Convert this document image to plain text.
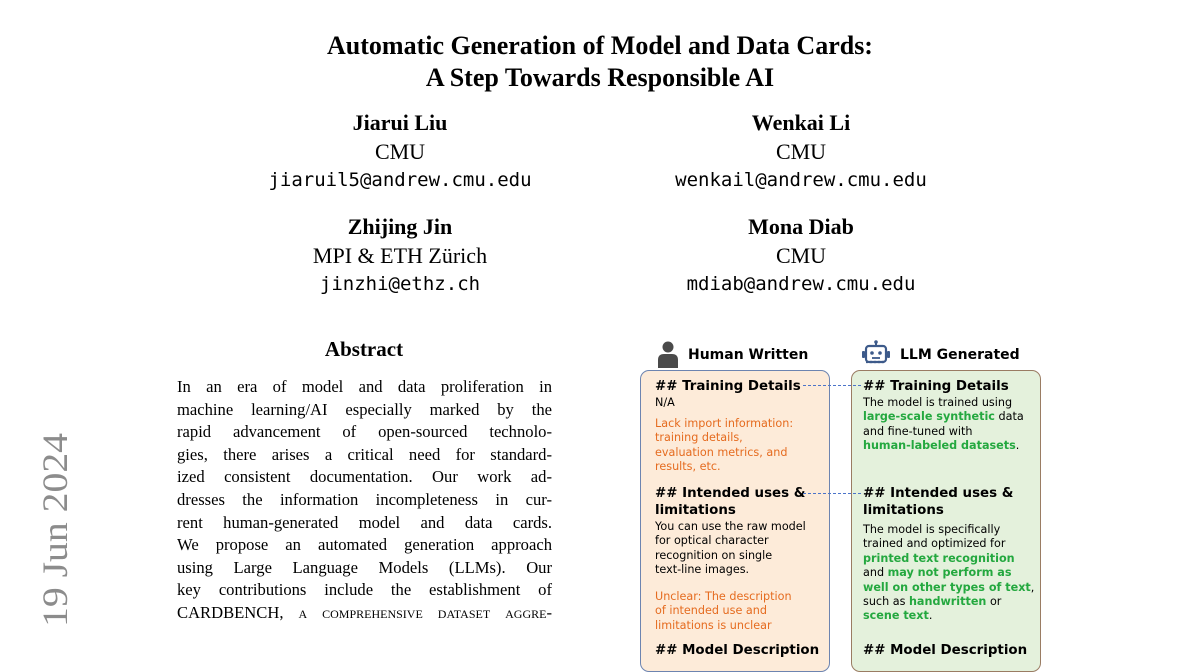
Automatic Generation of Model and Data Cards:
A Step Towards Responsible AI
Jiarui Liu
CMU
jiaruil5@andrew.cmu.edu
Wenkai Li
CMU
wenkail@andrew.cmu.edu
Zhijing Jin
MPI & ETH Zürich
jinzhi@ethz.ch
Mona Diab
CMU
mdiab@andrew.cmu.edu
19 Jun 2024
Abstract
In an era of model and data proliferation in
machine learning/AI especially marked by the
rapid advancement of open-sourced technolo-
gies, there arises a critical need for standard-
ized consistent documentation. Our work ad-
dresses the information incompleteness in cur-
rent human-generated model and data cards.
We propose an automated generation approach
using Large Language Models (LLMs). Our
key contributions include the establishment of
CARDBENCH, a comprehensive dataset aggre-
Human Written	LLM Generated
## Training Details
N/A
Lack import information:
training details,
evaluation metrics, and
results, etc.
## Intended uses &
limitations
You can use the raw model
for optical character
recognition on single
text-line images.
Unclear: The description
of intended use and
limitations is unclear
## Model Description
## Training Details
The model is trained using
large-scale synthetic data
and fine-tuned with
human-labeled datasets.
## Intended uses &
limitations
The model is specifically
trained and optimized for
printed text recognition
and may not perform as
well on other types of text,
such as handwritten or
scene text.
## Model Description
